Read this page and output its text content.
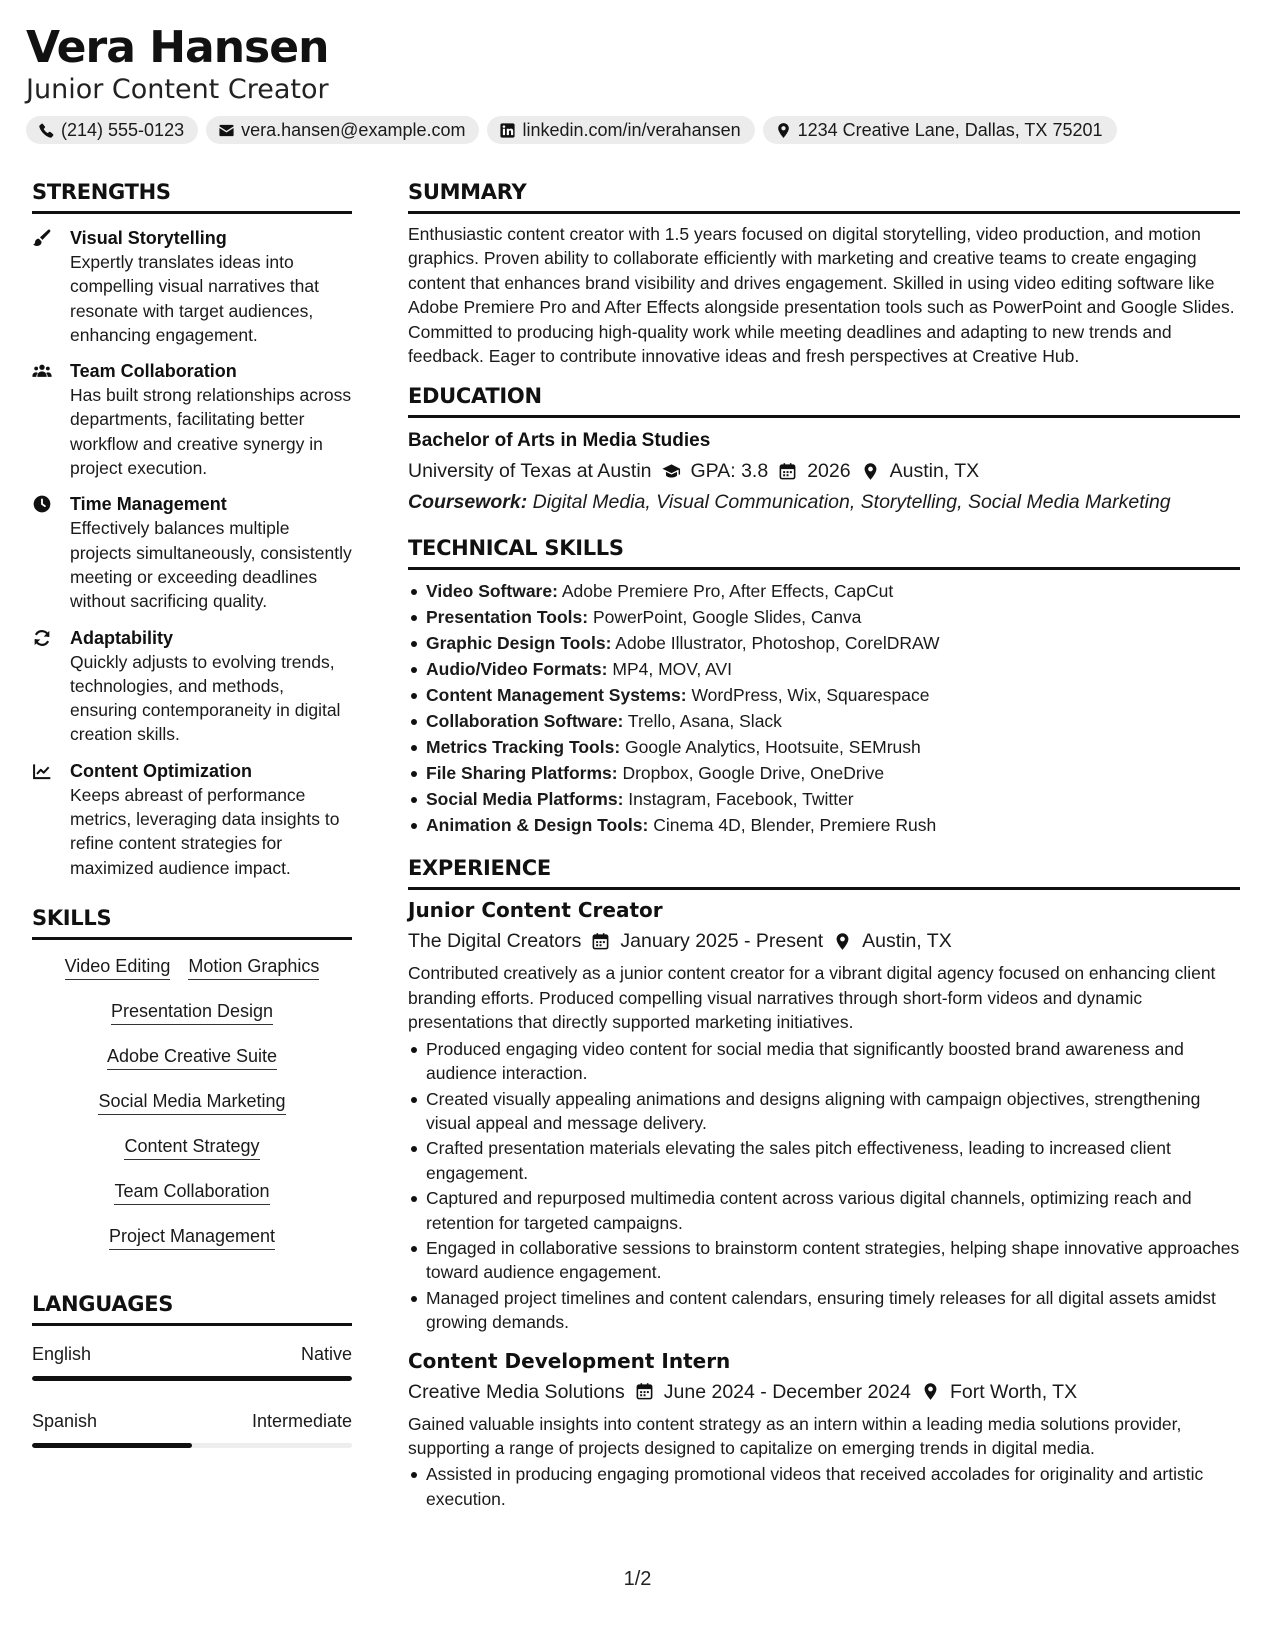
Vera Hansen
Junior Content Creator
(214) 555-0123	vera.hansen@example.com	linkedin.com/in/verahansen	1234 Creative Lane, Dallas, TX 75201
STRENGTHS
Visual Storytelling
Expertly translates ideas into compelling visual narratives that resonate with target audiences, enhancing engagement.
Team Collaboration
Has built strong relationships across departments, facilitating better workflow and creative synergy in project execution.
Time Management
Effectively balances multiple projects simultaneously, consistently meeting or exceeding deadlines without sacrificing quality.
Adaptability
Quickly adjusts to evolving trends, technologies, and methods, ensuring contemporaneity in digital creation skills.
Content Optimization
Keeps abreast of performance metrics, leveraging data insights to refine content strategies for maximized audience impact.
SKILLS
Video Editing Motion Graphics
Presentation Design
Adobe Creative Suite
Social Media Marketing
Content Strategy
Team Collaboration
Project Management
LANGUAGES
English	Native
Spanish	Intermediate
SUMMARY
Enthusiastic content creator with 1.5 years focused on digital storytelling, video production, and motion graphics. Proven ability to collaborate efficiently with marketing and creative teams to create engaging content that enhances brand visibility and drives engagement. Skilled in using video editing software like Adobe Premiere Pro and After Effects alongside presentation tools such as PowerPoint and Google Slides. Committed to producing high-quality work while meeting deadlines and adapting to new trends and feedback. Eager to contribute innovative ideas and fresh perspectives at Creative Hub.
EDUCATION
Bachelor of Arts in Media Studies
University of Texas at Austin GPA: 3.8 2026 Austin, TX
Coursework: Digital Media, Visual Communication, Storytelling, Social Media Marketing
TECHNICAL SKILLS
Video Software: Adobe Premiere Pro, After Effects, CapCut
Presentation Tools: PowerPoint, Google Slides, Canva
Graphic Design Tools: Adobe Illustrator, Photoshop, CorelDRAW
Audio/Video Formats: MP4, MOV, AVI
Content Management Systems: WordPress, Wix, Squarespace
Collaboration Software: Trello, Asana, Slack
Metrics Tracking Tools: Google Analytics, Hootsuite, SEMrush
File Sharing Platforms: Dropbox, Google Drive, OneDrive
Social Media Platforms: Instagram, Facebook, Twitter
Animation & Design Tools: Cinema 4D, Blender, Premiere Rush
EXPERIENCE
Junior Content Creator
The Digital Creators January 2025 - Present Austin, TX
Contributed creatively as a junior content creator for a vibrant digital agency focused on enhancing client branding efforts. Produced compelling visual narratives through short-form videos and dynamic presentations that directly supported marketing initiatives.
Produced engaging video content for social media that significantly boosted brand awareness and audience interaction.
Created visually appealing animations and designs aligning with campaign objectives, strengthening visual appeal and message delivery.
Crafted presentation materials elevating the sales pitch effectiveness, leading to increased client engagement.
Captured and repurposed multimedia content across various digital channels, optimizing reach and retention for targeted campaigns.
Engaged in collaborative sessions to brainstorm content strategies, helping shape innovative approaches toward audience engagement.
Managed project timelines and content calendars, ensuring timely releases for all digital assets amidst growing demands.
Content Development Intern
Creative Media Solutions June 2024 - December 2024 Fort Worth, TX
Gained valuable insights into content strategy as an intern within a leading media solutions provider, supporting a range of projects designed to capitalize on emerging trends in digital media.
Assisted in producing engaging promotional videos that received accolades for originality and artistic execution.
1/2
